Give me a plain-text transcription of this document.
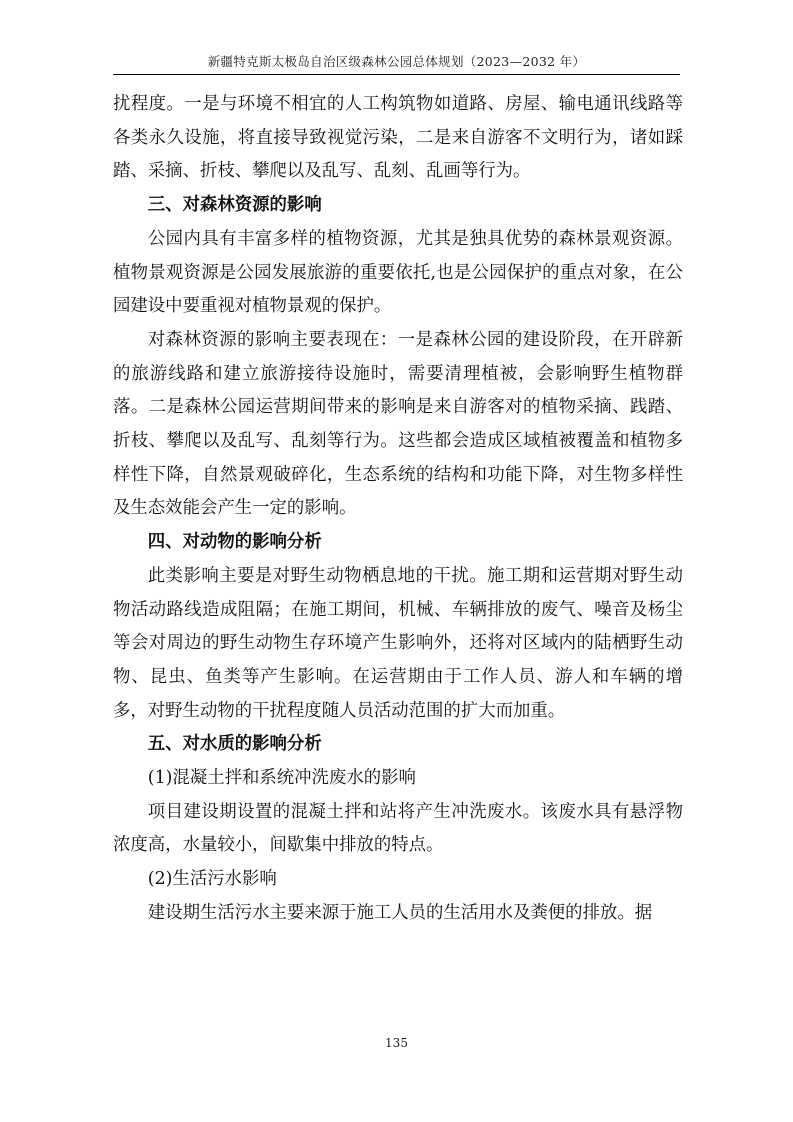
新疆特克斯太极岛自治区级森林公园总体规划（2023—2032 年）

扰程度。一是与环境不相宜的人工构筑物如道路、房屋、输电通讯线路等各类永久设施，将直接导致视觉污染，二是来自游客不文明行为，诸如踩踏、采摘、折枝、攀爬以及乱写、乱刻、乱画等行为。

三、对森林资源的影响

公园内具有丰富多样的植物资源，尤其是独具优势的森林景观资源。植物景观资源是公园发展旅游的重要依托,也是公园保护的重点对象，在公园建设中要重视对植物景观的保护。

对森林资源的影响主要表现在：一是森林公园的建设阶段，在开辟新的旅游线路和建立旅游接待设施时，需要清理植被，会影响野生植物群落。二是森林公园运营期间带来的影响是来自游客对的植物采摘、践踏、折枝、攀爬以及乱写、乱刻等行为。这些都会造成区域植被覆盖和植物多样性下降，自然景观破碎化，生态系统的结构和功能下降，对生物多样性及生态效能会产生一定的影响。

四、对动物的影响分析

此类影响主要是对野生动物栖息地的干扰。施工期和运营期对野生动物活动路线造成阻隔；在施工期间，机械、车辆排放的废气、噪音及杨尘等会对周边的野生动物生存环境产生影响外，还将对区域内的陆栖野生动物、昆虫、鱼类等产生影响。在运营期由于工作人员、游人和车辆的增多，对野生动物的干扰程度随人员活动范围的扩大而加重。

五、对水质的影响分析

(1)混凝土拌和系统冲洗废水的影响

项目建设期设置的混凝土拌和站将产生冲洗废水。该废水具有悬浮物浓度高，水量较小，间歇集中排放的特点。

(2)生活污水影响

建设期生活污水主要来源于施工人员的生活用水及粪便的排放。据

135
